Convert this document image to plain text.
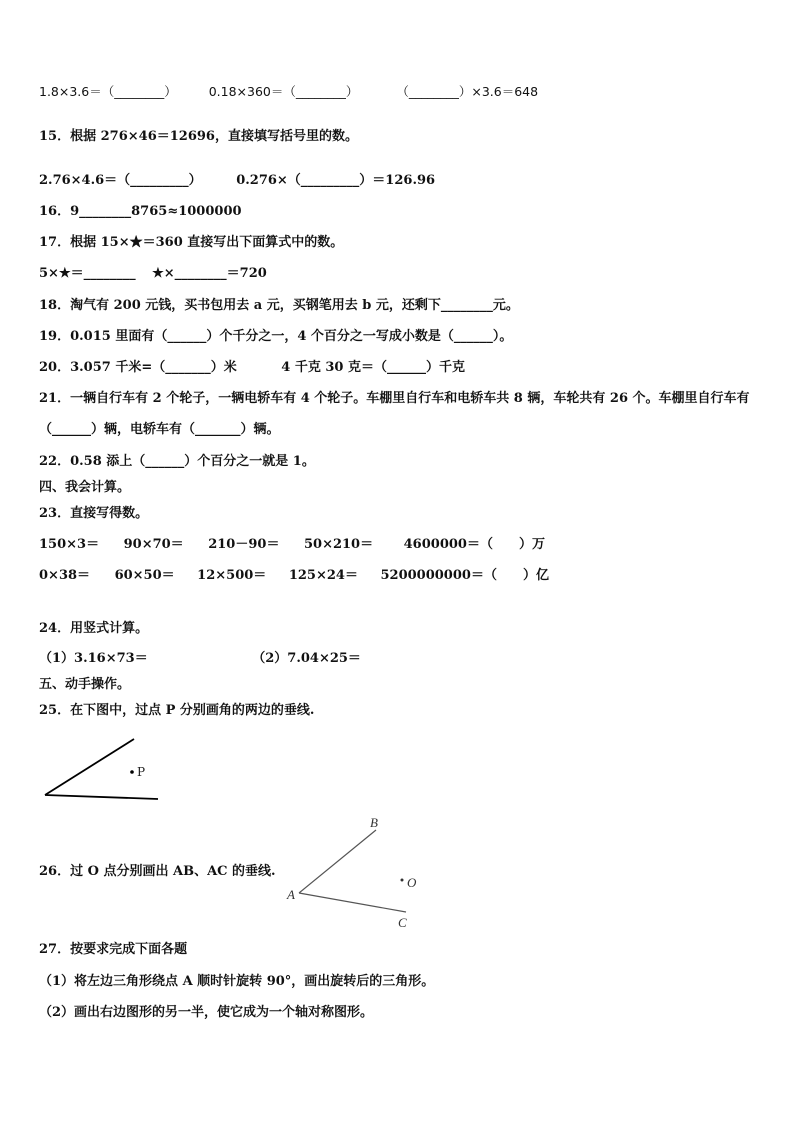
1.8×3.6＝（________）	0.18×360＝（________）	（________）×3.6＝648
15．根据 276×46＝12696，直接填写括号里的数。
2.76×4.6＝（_________）	0.276×（_________）＝126.96
16．9________8765≈1000000
17．根据 15×★＝360 直接写出下面算式中的数。
5×★＝________ ★×________＝720
18．淘气有 200 元钱，买书包用去 a 元，买钢笔用去 b 元，还剩下________元。
19．0.015 里面有（______）个千分之一，4 个百分之一写成小数是（______）。
20．3.057 千米=（_______）米	4 千克 30 克＝（______）千克
21．一辆自行车有 2 个轮子，一辆电轿车有 4 个轮子。车棚里自行车和电轿车共 8 辆，车轮共有 26 个。车棚里自行车有（______）辆，电轿车有（_______）辆。
22．0.58 添上（______）个百分之一就是 1。
四、我会计算。
23．直接写得数。
150×3＝ 90×70＝ 210－90＝ 50×210＝ 4600000＝（　　）万
0×38＝ 60×50＝ 12×500＝ 125×24＝ 5200000000＝（　　）亿
24．用竖式计算。
（1）3.16×73＝	（2）7.04×25＝
五、动手操作。
25．在下图中，过点 P 分别画角的两边的垂线.
P
26．过 O 点分别画出 AB、AC 的垂线.
B
A
C
O
27．按要求完成下面各题
（1）将左边三角形绕点 A 顺时针旋转 90°，画出旋转后的三角形。
（2）画出右边图形的另一半，使它成为一个轴对称图形。
